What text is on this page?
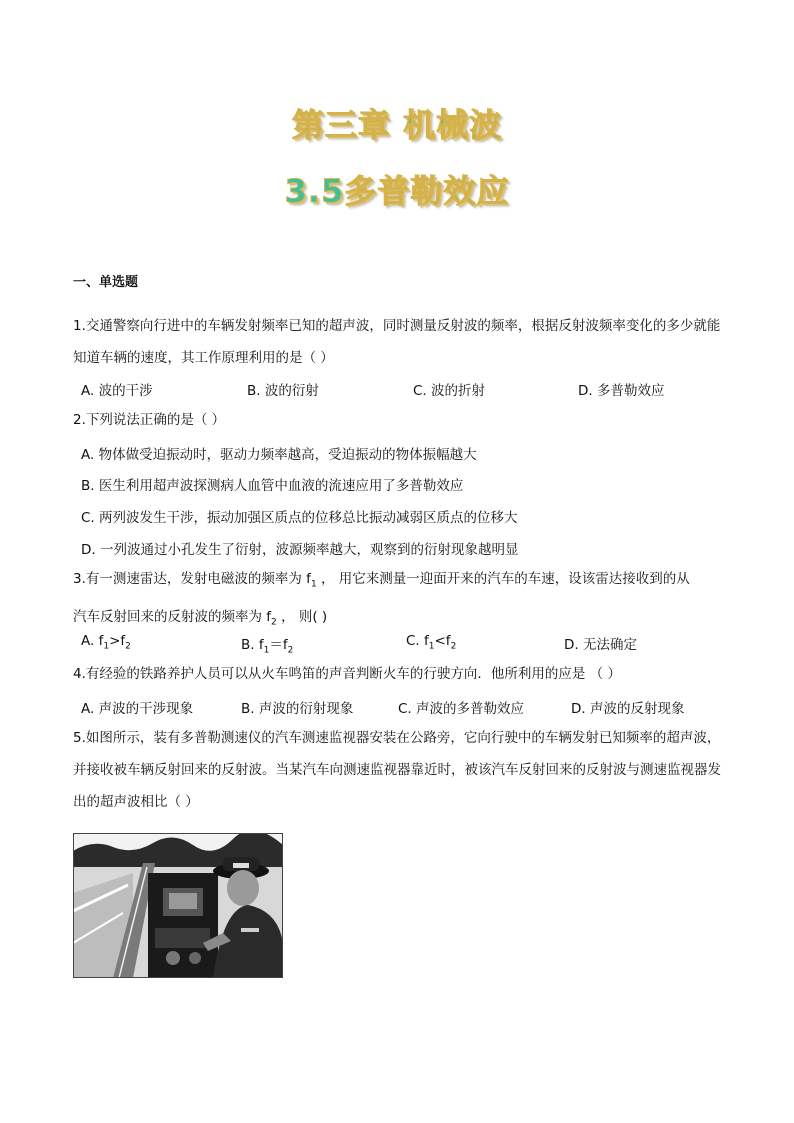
第三章 机械波
3.5多普勒效应
一、单选题
1.交通警察向行进中的车辆发射频率已知的超声波，同时测量反射波的频率，根据反射波频率变化的多少就能知道车辆的速度，其工作原理利用的是（ ）
A. 波的干涉	B. 波的衍射	C. 波的折射	D. 多普勒效应
2.下列说法正确的是（ ）
A. 物体做受迫振动时，驱动力频率越高，受迫振动的物体振幅越大
B. 医生利用超声波探测病人血管中血液的流速应用了多普勒效应
C. 两列波发生干涉，振动加强区质点的位移总比振动减弱区质点的位移大
D. 一列波通过小孔发生了衍射，波源频率越大，观察到的衍射现象越明显
3.有一测速雷达，发射电磁波的频率为 $f_1$ ， 用它来测量一迎面开来的汽车的车速，设该雷达接收到的从
汽车反射回来的反射波的频率为 $f_2$ ， 则( )
A. $f_1>f_2$	B. $f_1=f_2$
C. $f_1<f_2$	D. 无法确定
4.有经验的铁路养护人员可以从火车鸣笛的声音判断火车的行驶方向．他所利用的应是 （ ）
A. 声波的干涉现象	B. 声波的衍射现象	C. 声波的多普勒效应	D. 声波的反射现象
5.如图所示，装有多普勒测速仪的汽车测速监视器安装在公路旁，它向行驶中的车辆发射已知频率的超声波，并接收被车辆反射回来的反射波。当某汽车向测速监视器靠近时，被该汽车反射回来的反射波与测速监视器发出的超声波相比（ ）
